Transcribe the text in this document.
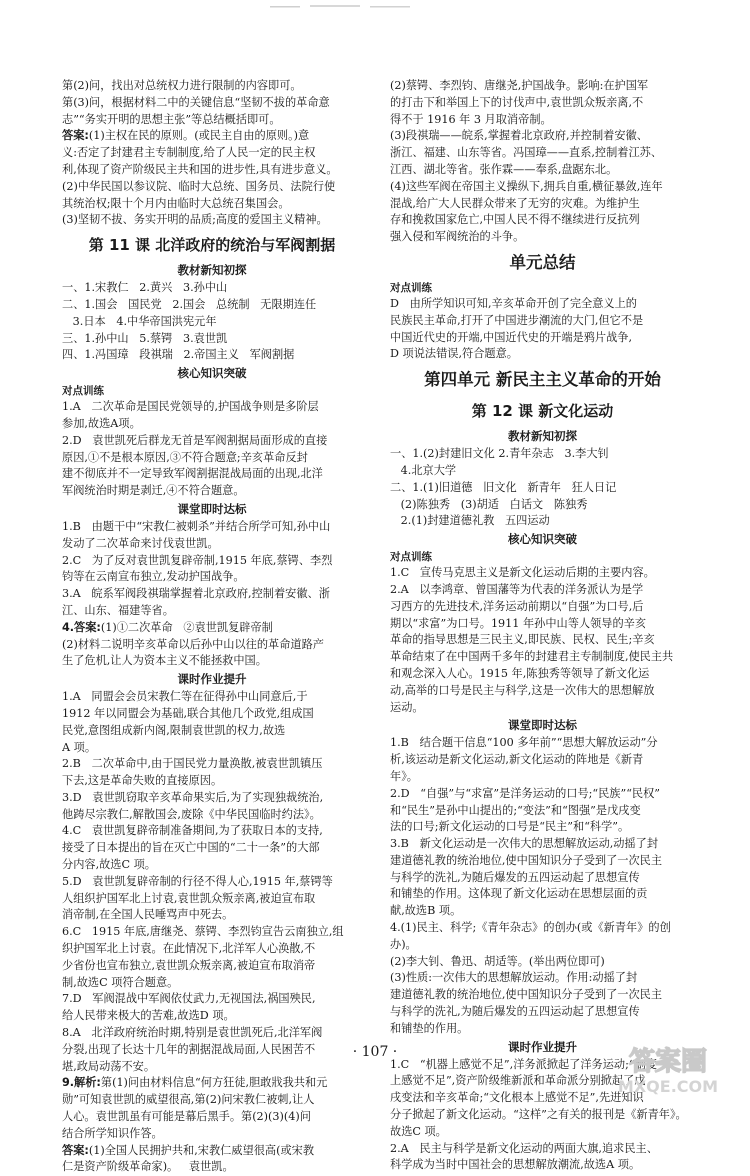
第(2)问，找出对总统权力进行限制的内容即可。
第(3)问，根据材料二中的关键信息“坚韧不拔的革命意
志”“务实开明的思想主张”等总结概括即可。
答案:(1)主权在民的原则。(或民主自由的原则。)意
义:否定了封建君主专制制度,给了人民一定的民主权
利,体现了资产阶级民主共和国的进步性,具有进步意义。
(2)中华民国以参议院、临时大总统、国务员、法院行使
其统治权;限十个月内由临时大总统召集国会。
(3)坚韧不拔、务实开明的品质;高度的爱国主义精神。
第 11 课 北洋政府的统治与军阀割据
教材新知初探
一、1.宋教仁   2.黄兴   3.孙中山
二、1.国会   国民党   2.国会   总统制   无限期连任
3.日本   4.中华帝国洪宪元年
三、1.孙中山   5.蔡锷   3.袁世凯
四、1.冯国璋   段祺瑞   2.帝国主义   军阀割据
核心知识突破
对点训练
1.A   二次革命是国民党领导的,护国战争则是多阶层
参加,故选A项。
2.D   袁世凯死后群龙无首是军阀割据局面形成的直接
原因,①不是根本原因,③不符合题意;辛亥革命反封
建不彻底并不一定导致军阀割据混战局面的出现,北洋
军阀统治时期是剥迁,④不符合题意。
课堂即时达标
1.B   由题干中“宋教仁被刺杀”并结合所学可知,孙中山
发动了二次革命来讨伐袁世凯。
2.C   为了反对袁世凯复辟帝制,1915 年底,蔡锷、李烈
钧等在云南宣布独立,发动护国战争。
3.A   皖系军阀段祺瑞掌握着北京政府,控制着安徽、浙
江、山东、福建等省。
4.答案:(1)①二次革命   ②袁世凯复辟帝制
(2)材料二说明辛亥革命以后孙中山以往的革命道路产
生了危机,让人为资本主义不能拯救中国。
课时作业提升
1.A   同盟会会员宋教仁等在征得孙中山同意后,于
1912 年以同盟会为基础,联合其他几个政党,组成国
民党,意图组成新内阁,限制袁世凯的权力,故选
A 项。
2.B   二次革命中,由于国民党力量涣散,被袁世凯镇压
下去,这是革命失败的直接原因。
3.D   袁世凯窃取辛亥革命果实后,为了实现独裁统治,
他踌尽宗教仁,解散国会,废除《中华民国临时约法》。
4.C   袁世凯复辟帝制准备期间,为了获取日本的支持,
接受了日本提出的旨在灭亡中国的“二十一条”的大部
分内容,故选C 项。
5.D   袁世凯复辟帝制的行径不得人心,1915 年,蔡锷等
人组织护国军北上讨袁,袁世凯众叛亲离,被迫宣布取
消帝制,在全国人民唾骂声中死去。
6.C   1915 年底,唐继尧、蔡锷、李烈钧宣告云南独立,组
织护国军北上讨袁。在此情况下,北洋军人心涣散,不
少省份也宣布独立,袁世凯众叛亲离,被迫宣布取消帝
制,故选C 项符合题意。
7.D   军阀混战中军阀依仗武力,无视国法,祸国殃民,
给人民带来极大的苦难,故选D 项。
8.A   北洋政府统治时期,特别是袁世凯死后,北洋军阀
分裂,出现了长达十几年的割据混战局面,人民困苦不
堪,政局动荡不安。
9.解析:第(1)问由材料信息“何方狂徒,胆敢戕我共和元
勋”可知袁世凯的威望很高,第(2)问宋教仁被刺,让人
人心。袁世凯虽有可能是幕后黑手。第(2)(3)(4)问
结合所学知识作答。
答案:(1)全国人民拥护共和,宋教仁威望很高(或宋教
仁是资产阶级革命家)。   袁世凯。
(2)蔡锷、李烈钧、唐继尧,护国战争。影响:在护国军
的打击下和举国上下的讨伐声中,袁世凯众叛亲离,不
得不于 1916 年 3 月取消帝制。
(3)段祺瑞——皖系,掌握着北京政府,并控制着安徽、
浙江、福建、山东等省。冯国璋——直系,控制着江苏、
江西、湖北等省。张作霖——奉系,盘踞东北。
(4)这些军阀在帝国主义操纵下,拥兵自重,横征暴敛,连年
混战,给广大人民群众带来了无穷的灾难。为维护生
存和挽救国家危亡,中国人民不得不继续进行反抗列
强入侵和军阀统治的斗争。
单元总结
对点训练
D   由所学知识可知,辛亥革命开创了完全意义上的
民族民主革命,打开了中国进步潮流的大门,但它不是
中国近代史的开端,中国近代史的开端是鸦片战争,
D 项说法错误,符合题意。
第四单元 新民主主义革命的开始
第 12 课 新文化运动
教材新知初探
一、1.(2)封建旧文化 2.青年杂志   3.李大钊
4.北京大学
二、1.(1)旧道德   旧文化   新青年   狂人日记
(2)陈独秀   (3)胡适   白话文   陈独秀
2.(1)封建道德礼教   五四运动
核心知识突破
对点训练
1.C   宣传马克思主义是新文化运动后期的主要内容。
2.A   以李鸿章、曾国藩等为代表的洋务派认为是学
习西方的先进技术,洋务运动前期以“自强”为口号,后
期以“求富”为口号。1911 年孙中山等人领导的辛亥
革命的指导思想是三民主义,即民族、民权、民生;辛亥
革命结束了在中国两千多年的封建君主专制制度,使民主共
和观念深入人心。1915 年,陈独秀等领导了新文化运
动,高举的口号是民主与科学,这是一次伟大的思想解放
运动。
课堂即时达标
1.B   结合题干信息“100 多年前”“思想大解放运动”分
析,该运动是新文化运动,新文化运动的阵地是《新青
年》。
2.D   “自强”与“求富”是洋务运动的口号;“民族”“民权”
和“民生”是孙中山提出的;“变法”和“图强”是戊戌变
法的口号;新文化运动的口号是“民主”和“科学”。
3.B   新文化运动是一次伟大的思想解放运动,动摇了封
建道德礼教的统治地位,使中国知识分子受到了一次民主
与科学的洗礼,为随后爆发的五四运动起了思想宣传
和铺垫的作用。这体现了新文化运动在思想层面的贡
献,故选B 项。
4.(1)民主、科学;《青年杂志》的创办(或《新青年》的创
办)。
(2)李大钊、鲁迅、胡适等。(举出两位即可)
(3)性质:一次伟大的思想解放运动。作用:动摇了封
建道德礼教的统治地位,使中国知识分子受到了一次民主
与科学的洗礼,为随后爆发的五四运动起了思想宣传
和铺垫的作用。
课时作业提升
1.C   “机器上感觉不足”,洋务派掀起了洋务运动;“制度
上感觉不足”,资产阶级维新派和革命派分别掀起了戊
戌变法和辛亥革命;“文化根本上感觉不足”,先进知识
分子掀起了新文化运动。“这样”之有关的报刊是《新青年》。
故选C 项。
2.A   民主与科学是新文化运动的两面大旗,追求民主、
科学成为当时中国社会的思想解放潮流,故选A 项。
· 107 ·	答案圈
MXQE.COM
